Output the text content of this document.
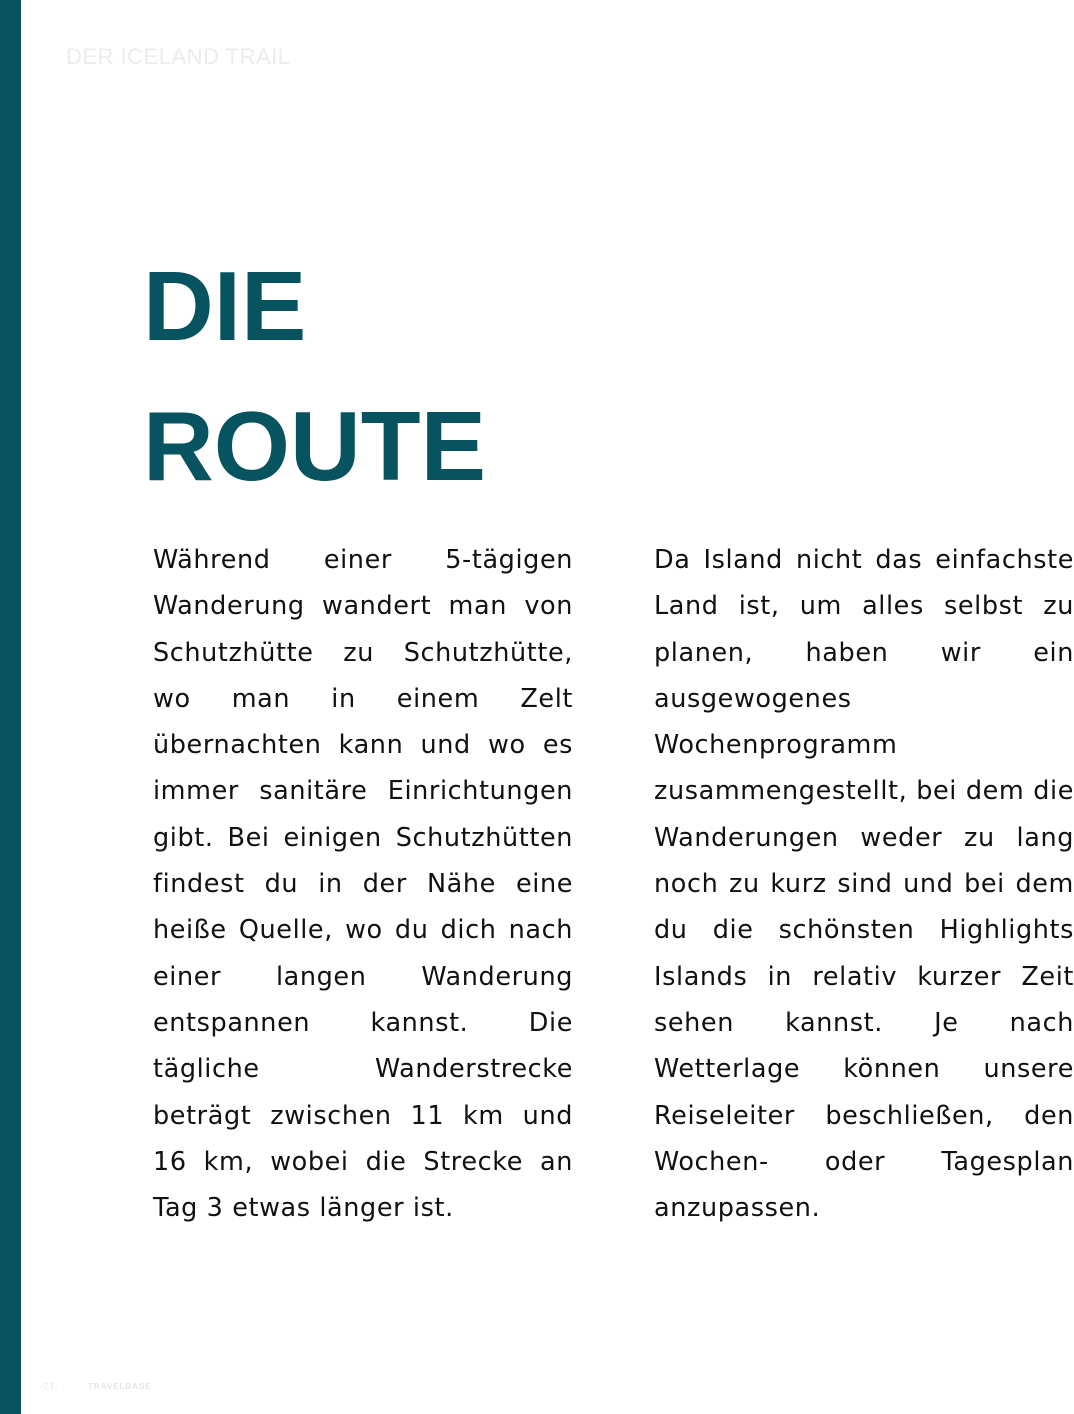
DER ICELAND TRAIL
DIE
ROUTE

Während einer 5-tägigen Wanderung wandert man von Schutzhütte zu Schutzhütte, wo man in einem Zelt übernachten kann und wo es immer sanitäre Einrichtungen gibt. Bei einigen Schutzhütten findest du in der Nähe eine heiße Quelle, wo du dich nach einer langen Wanderung entspannen kannst. Die tägliche Wanderstrecke beträgt zwischen 11 km und 16 km, wobei die Strecke an Tag 3 etwas länger ist.

Da Island nicht das einfachste Land ist, um alles selbst zu planen, haben wir ein ausgewogenes Wochenprogramm zusammengestellt, bei dem die Wanderungen weder zu lang noch zu kurz sind und bei dem du die schönsten Highlights Islands in relativ kurzer Zeit sehen kannst. Je nach Wetterlage können unsere Reiseleiter beschließen, den Wochen- oder Tagesplan anzupassen.

‹23›	TRAVELBASE
